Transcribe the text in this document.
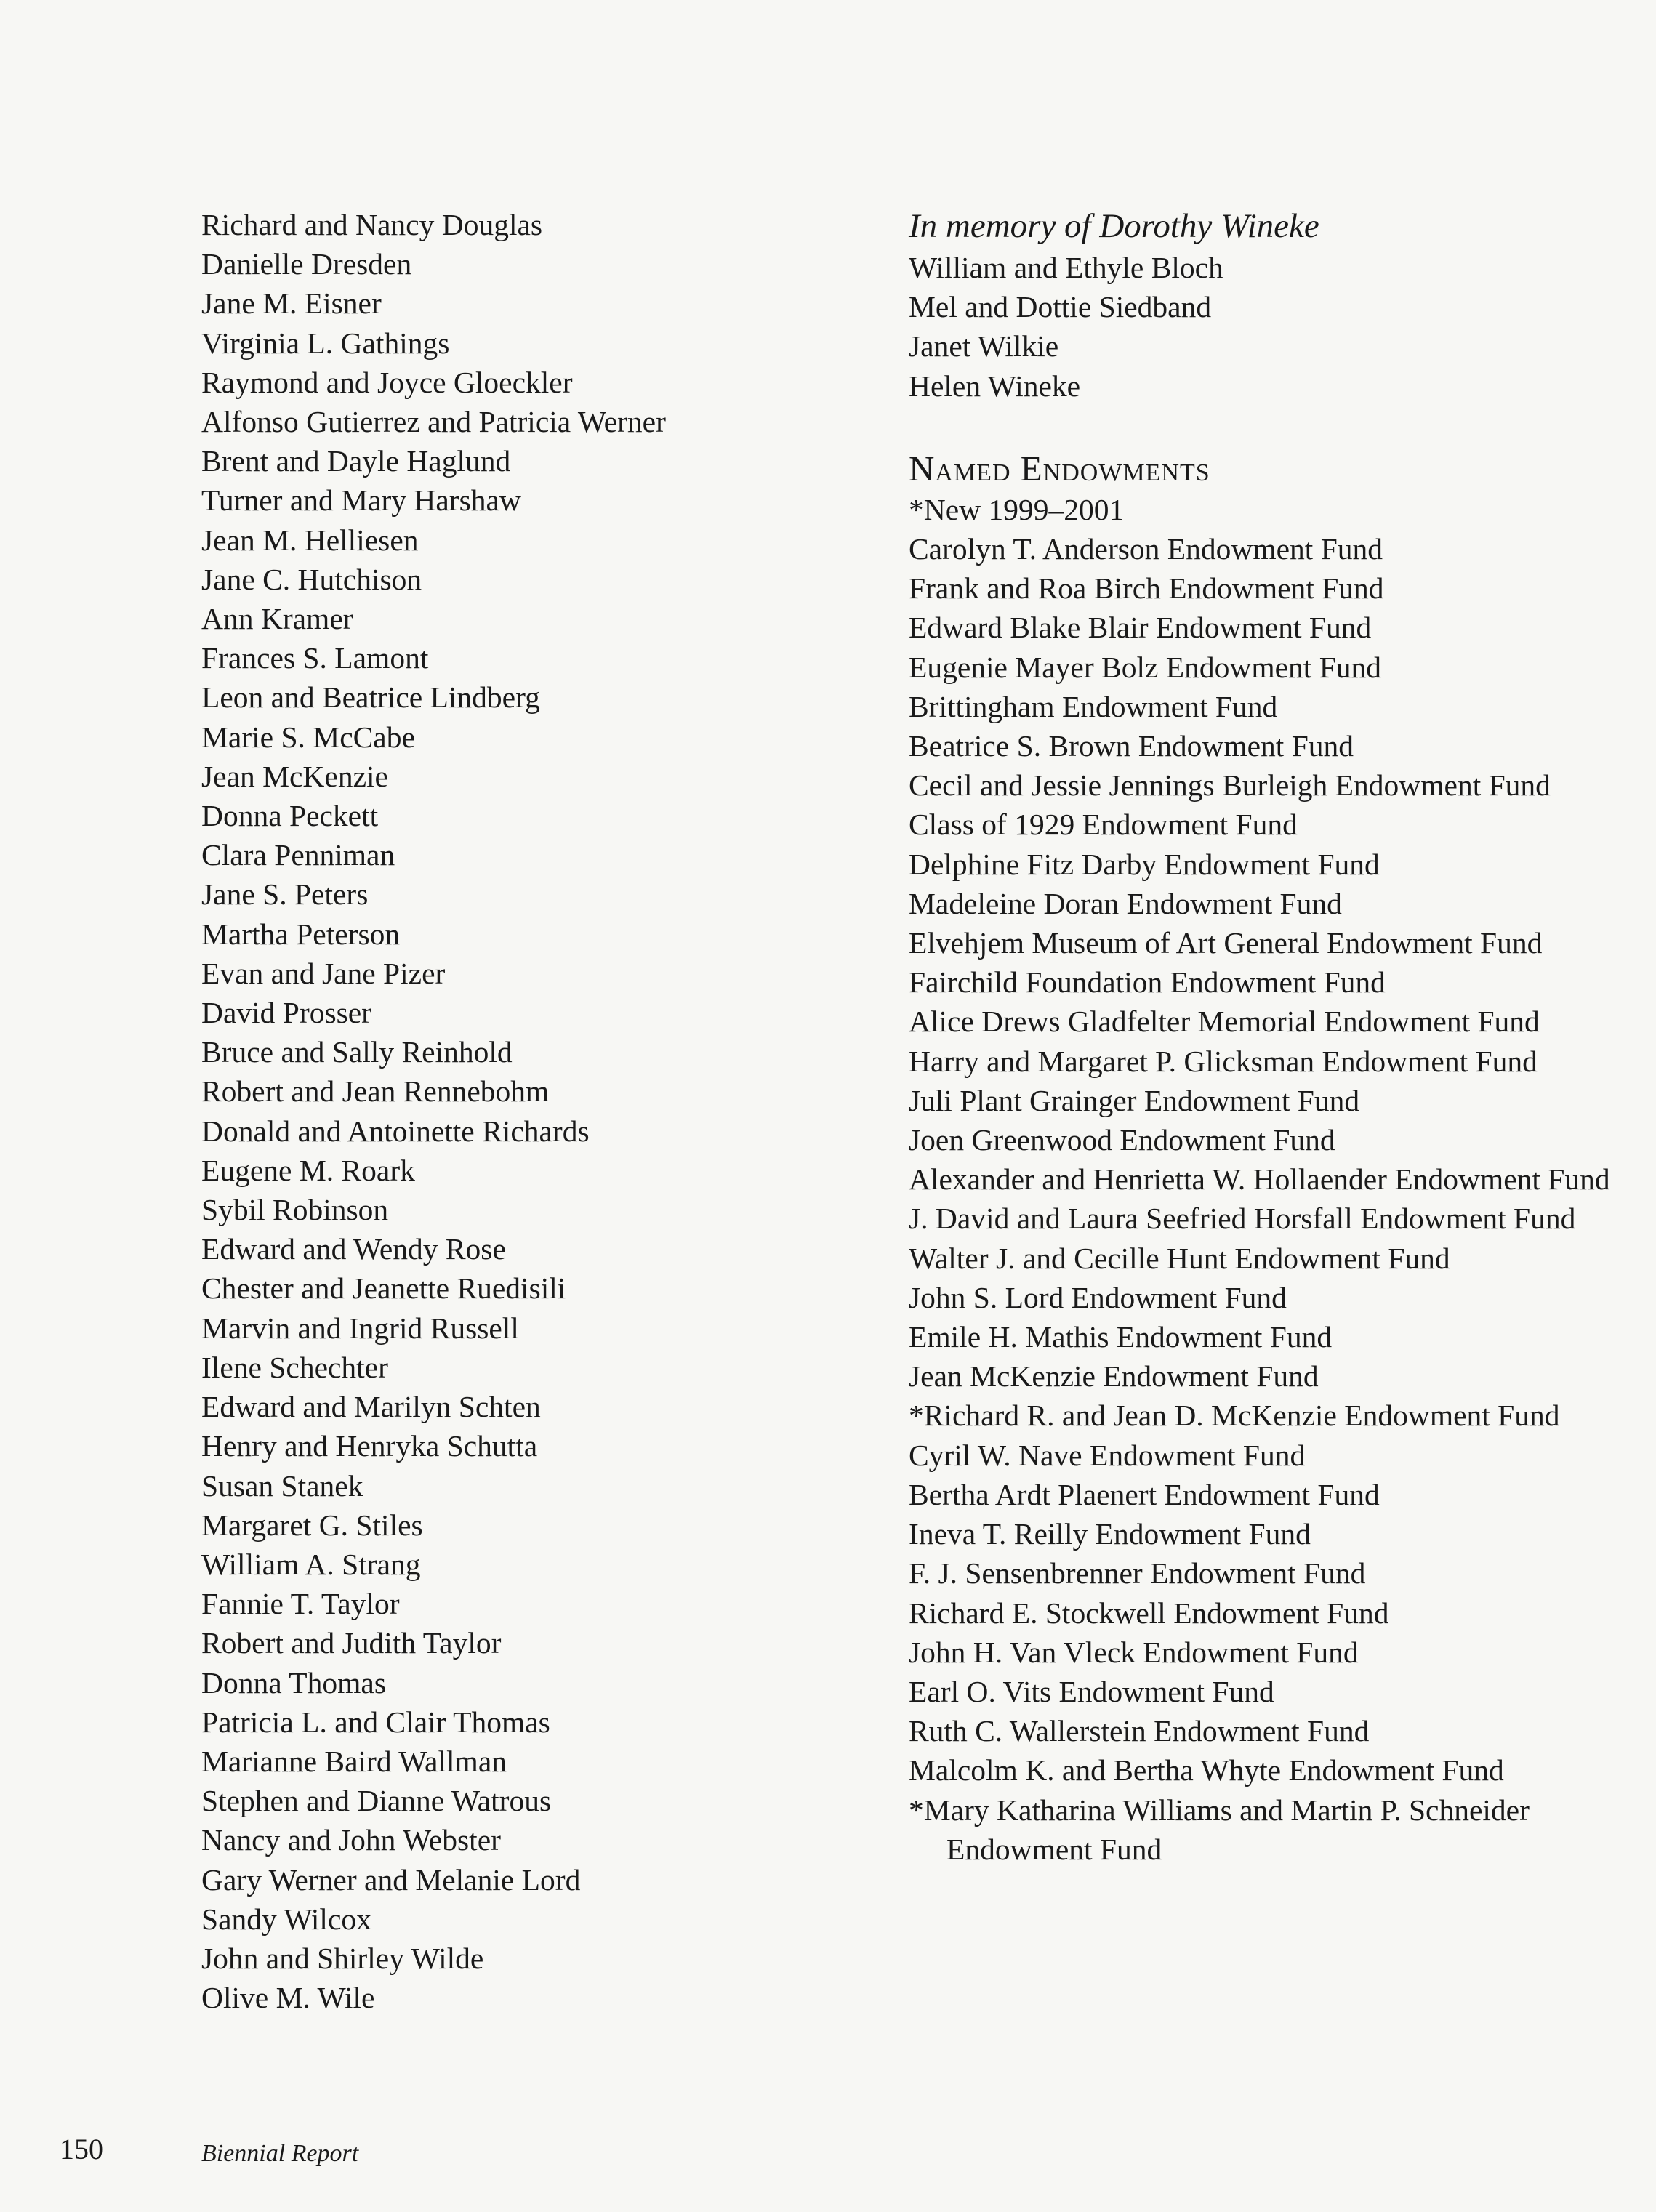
Richard and Nancy Douglas
Danielle Dresden
Jane M. Eisner
Virginia L. Gathings
Raymond and Joyce Gloeckler
Alfonso Gutierrez and Patricia Werner
Brent and Dayle Haglund
Turner and Mary Harshaw
Jean M. Helliesen
Jane C. Hutchison
Ann Kramer
Frances S. Lamont
Leon and Beatrice Lindberg
Marie S. McCabe
Jean McKenzie
Donna Peckett
Clara Penniman
Jane S. Peters
Martha Peterson
Evan and Jane Pizer
David Prosser
Bruce and Sally Reinhold
Robert and Jean Rennebohm
Donald and Antoinette Richards
Eugene M. Roark
Sybil Robinson
Edward and Wendy Rose
Chester and Jeanette Ruedisili
Marvin and Ingrid Russell
Ilene Schechter
Edward and Marilyn Schten
Henry and Henryka Schutta
Susan Stanek
Margaret G. Stiles
William A. Strang
Fannie T. Taylor
Robert and Judith Taylor
Donna Thomas
Patricia L. and Clair Thomas
Marianne Baird Wallman
Stephen and Dianne Watrous
Nancy and John Webster
Gary Werner and Melanie Lord
Sandy Wilcox
John and Shirley Wilde
Olive M. Wile
In memory of Dorothy Wineke
William and Ethyle Bloch
Mel and Dottie Siedband
Janet Wilkie
Helen Wineke
Named Endowments
*New 1999–2001
Carolyn T. Anderson Endowment Fund
Frank and Roa Birch Endowment Fund
Edward Blake Blair Endowment Fund
Eugenie Mayer Bolz Endowment Fund
Brittingham Endowment Fund
Beatrice S. Brown Endowment Fund
Cecil and Jessie Jennings Burleigh Endowment Fund
Class of 1929 Endowment Fund
Delphine Fitz Darby Endowment Fund
Madeleine Doran Endowment Fund
Elvehjem Museum of Art General Endowment Fund
Fairchild Foundation Endowment Fund
Alice Drews Gladfelter Memorial Endowment Fund
Harry and Margaret P. Glicksman Endowment Fund
Juli Plant Grainger Endowment Fund
Joen Greenwood Endowment Fund
Alexander and Henrietta W. Hollaender Endowment Fund
J. David and Laura Seefried Horsfall Endowment Fund
Walter J. and Cecille Hunt Endowment Fund
John S. Lord Endowment Fund
Emile H. Mathis Endowment Fund
Jean McKenzie Endowment Fund
*Richard R. and Jean D. McKenzie Endowment Fund
Cyril W. Nave Endowment Fund
Bertha Ardt Plaenert Endowment Fund
Ineva T. Reilly Endowment Fund
F. J. Sensenbrenner Endowment Fund
Richard E. Stockwell Endowment Fund
John H. Van Vleck Endowment Fund
Earl O. Vits Endowment Fund
Ruth C. Wallerstein Endowment Fund
Malcolm K. and Bertha Whyte Endowment Fund
*Mary Katharina Williams and Martin P. Schneider Endowment Fund
150	Biennial Report
